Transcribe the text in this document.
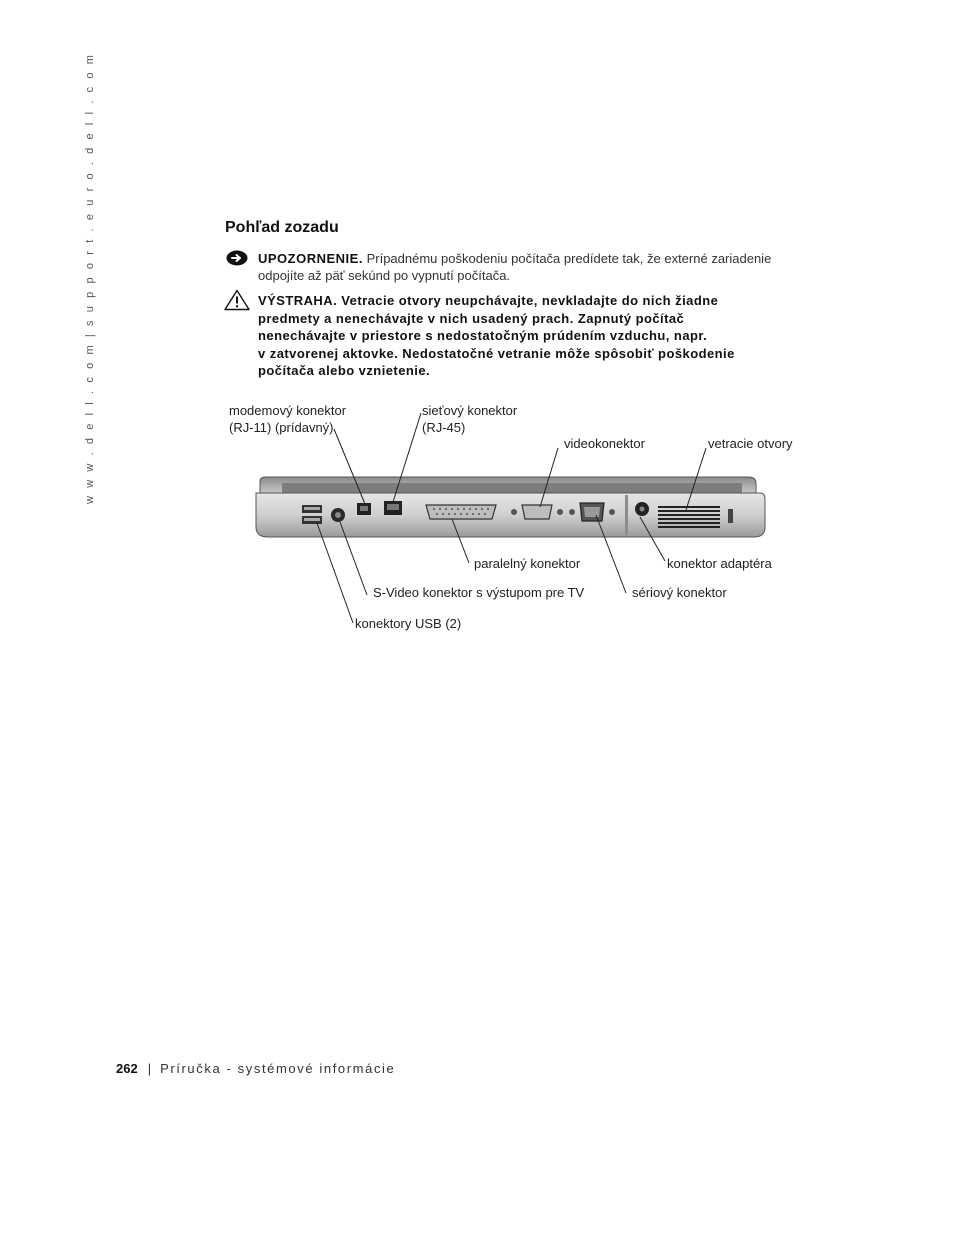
w w w . d e l l . c o m | s u p p o r t . e u r o . d e l l . c o m	Pohľad zozadu
UPOZORNENIE. Prípadnému poškodeniu počítača predídete tak, že externé zariadenie odpojíte až päť sekúnd po vypnutí počítača.
VÝSTRAHA. Vetracie otvory neupchávajte, nevkladajte do nich žiadne
predmety a nenechávajte v nich usadený prach. Zapnutý počítač
nenechávajte v priestore s nedostatočným prúdením vzduchu, napr.
v zatvorenej aktovke. Nedostatočné vetranie môže spôsobiť poškodenie
počítača alebo vznietenie.
modemový konektor
(RJ-11) (prídavný)
sieťový konektor
(RJ-45)
videokonektor	vetracie otvory
paralelný konektor	konektor adaptéra
S-Video konektor s výstupom pre TV	sériový konektor
konektory USB (2)
262 | Príručka - systémové informácie
